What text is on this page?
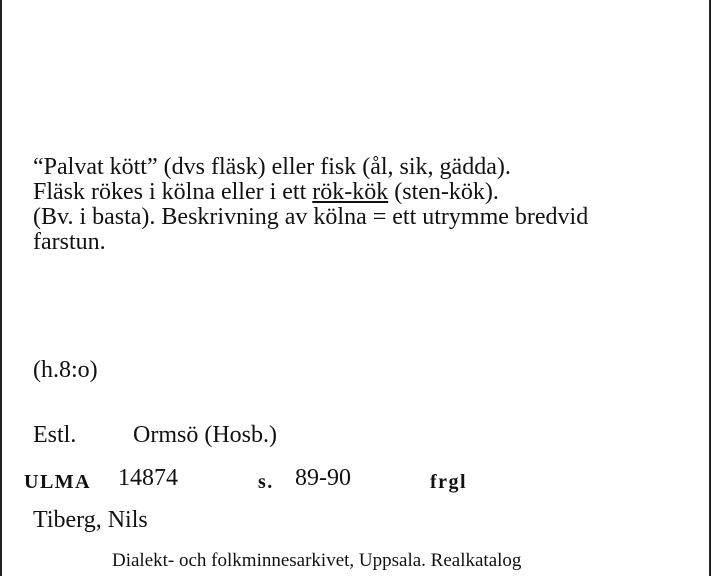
“Palvat kött” (dvs fläsk) eller fisk (ål, sik, gädda).
Fläsk rökes i kölna eller i ett rök-kök (sten-kök).
(Bv. i basta). Beskrivning av kölna = ett utrymme bredvid
farstun.
(h.8:o)
Estl. Ormsö (Hosb.)
ULMA 14874	s. 89-90	frgl
Tiberg, Nils
Dialekt- och folkminnesarkivet, Uppsala. Realkatalog
